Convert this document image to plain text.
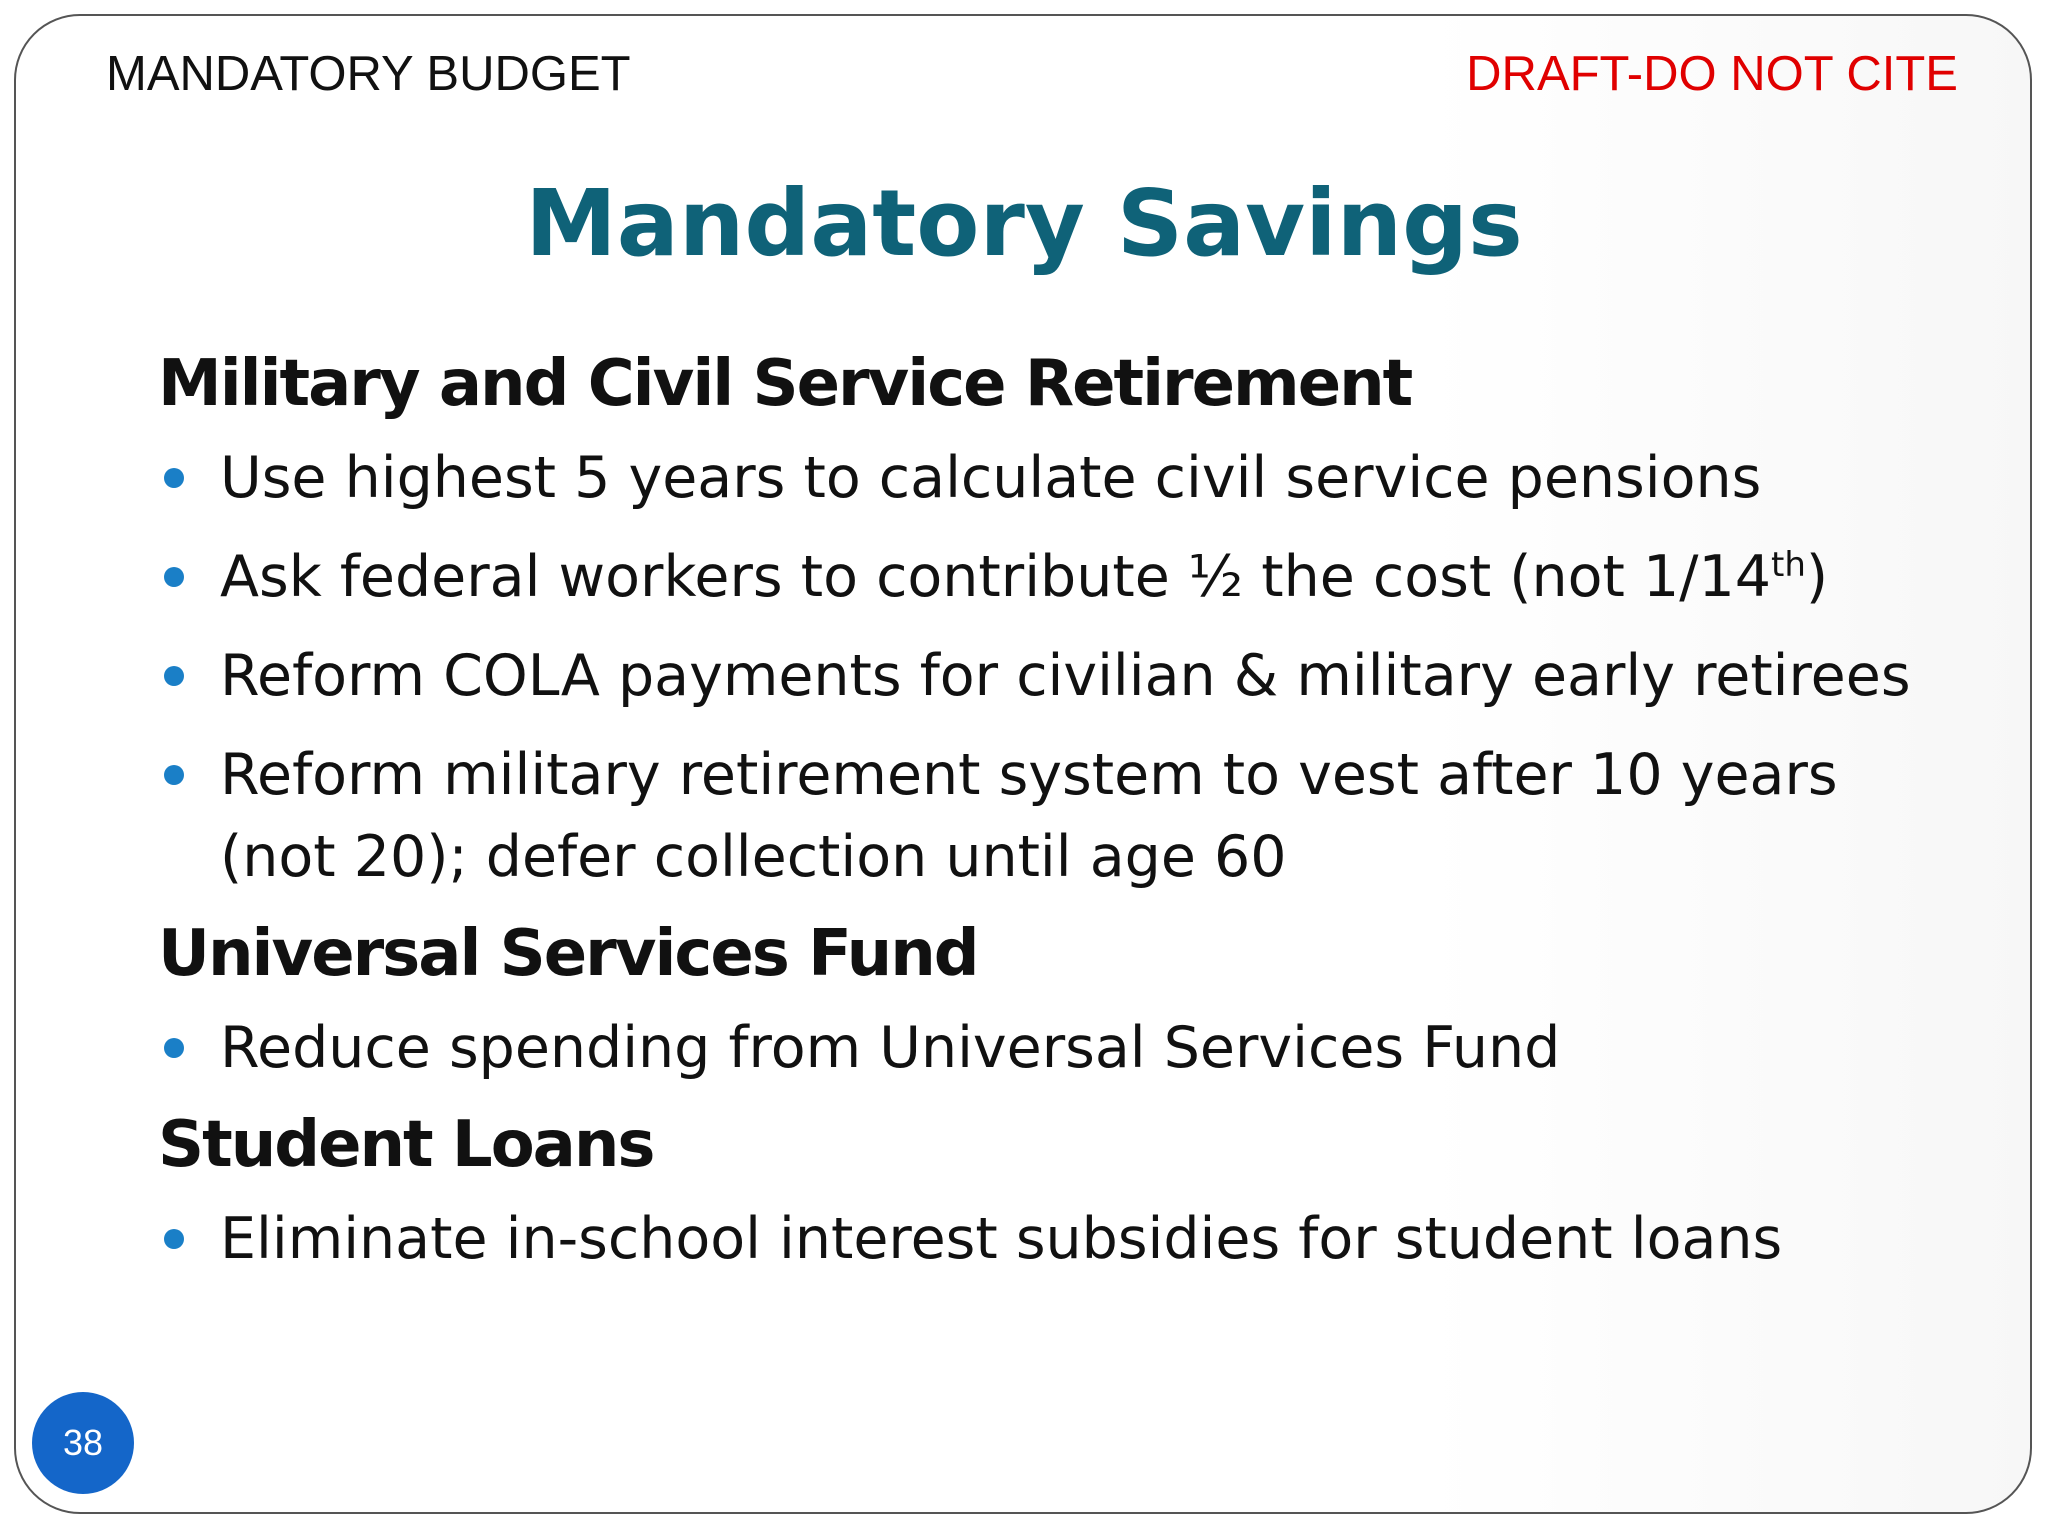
MANDATORY BUDGET	DRAFT-DO NOT CITE
Mandatory Savings
Military and Civil Service Retirement
Use highest 5 years to calculate civil service pensions
Ask federal workers to contribute ½ the cost (not 1/14th)
Reform COLA payments for civilian & military early retirees
Reform military retirement system to vest after 10 years
(not 20); defer collection until age 60
Universal Services Fund
Reduce spending from Universal Services Fund
Student Loans
Eliminate in-school interest subsidies for student loans
38
